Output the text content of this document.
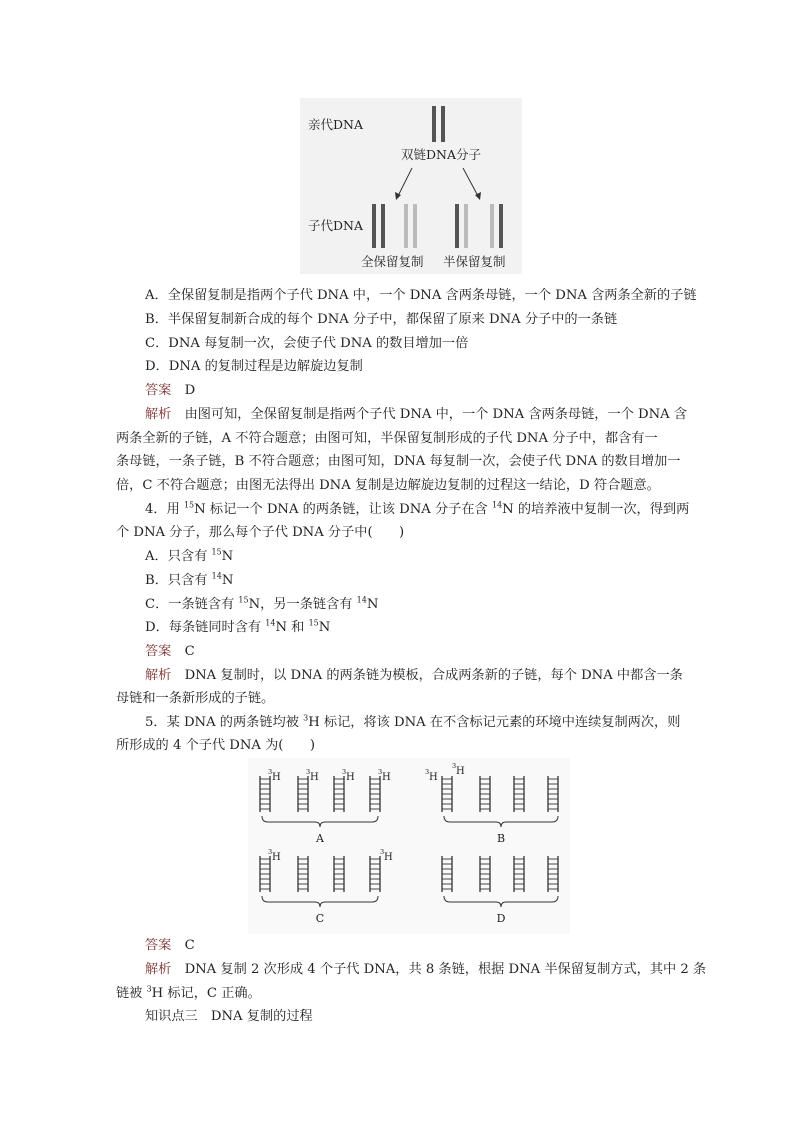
亲代DNA
双链DNA分子
子代DNA
全保留复制 半保留复制
A．全保留复制是指两个子代 DNA 中，一个 DNA 含两条母链，一个 DNA 含两条全新的子链
B．半保留复制新合成的每个 DNA 分子中，都保留了原来 DNA 分子中的一条链
C．DNA 每复制一次，会使子代 DNA 的数目增加一倍
D．DNA 的复制过程是边解旋边复制
答案　 D
解析　 由图可知，全保留复制是指两个子代 DNA 中，一个 DNA 含两条母链，一个 DNA 含
两条全新的子链，A 不符合题意；由图可知，半保留复制形成的子代 DNA 分子中，都含有一
条母链，一条子链，B 不符合题意；由图可知，DNA 每复制一次，会使子代 DNA 的数目增加一
倍，C 不符合题意；由图无法得出 DNA 复制是边解旋边复制的过程这一结论，D 符合题意。
4．用 $^{15}$N 标记一个 DNA 的两条链，让该 DNA 分子在含 $^{14}$N 的培养液中复制一次，得到两
个 DNA 分子，那么每个子代 DNA 分子中(　　)
A．只含有 $^{15}$N
B．只含有 $^{14}$N
C．一条链含有 $^{15}$N，另一条链含有 $^{14}$N
D．每条链同时含有 $^{14}$N 和 $^{15}$N
答案　 C
解析　 DNA 复制时，以 DNA 的两条链为模板，合成两条新的子链，每个 DNA 中都含一条
母链和一条新形成的子链。
5．某 DNA 的两条链均被 $^3$H 标记，将该 DNA 在不含标记元素的环境中连续复制两次，则
所形成的 4 个子代 DNA 为(　　)
3 H	3 H	3 H	3 H
A
3 H
3 H
B
3 H	3 H
C	D
答案　 C
解析　 DNA 复制 2 次形成 4 个子代 DNA，共 8 条链，根据 DNA 半保留复制方式，其中 2 条
链被 $^3$H 标记，C 正确。
知识点三　DNA 复制的过程
